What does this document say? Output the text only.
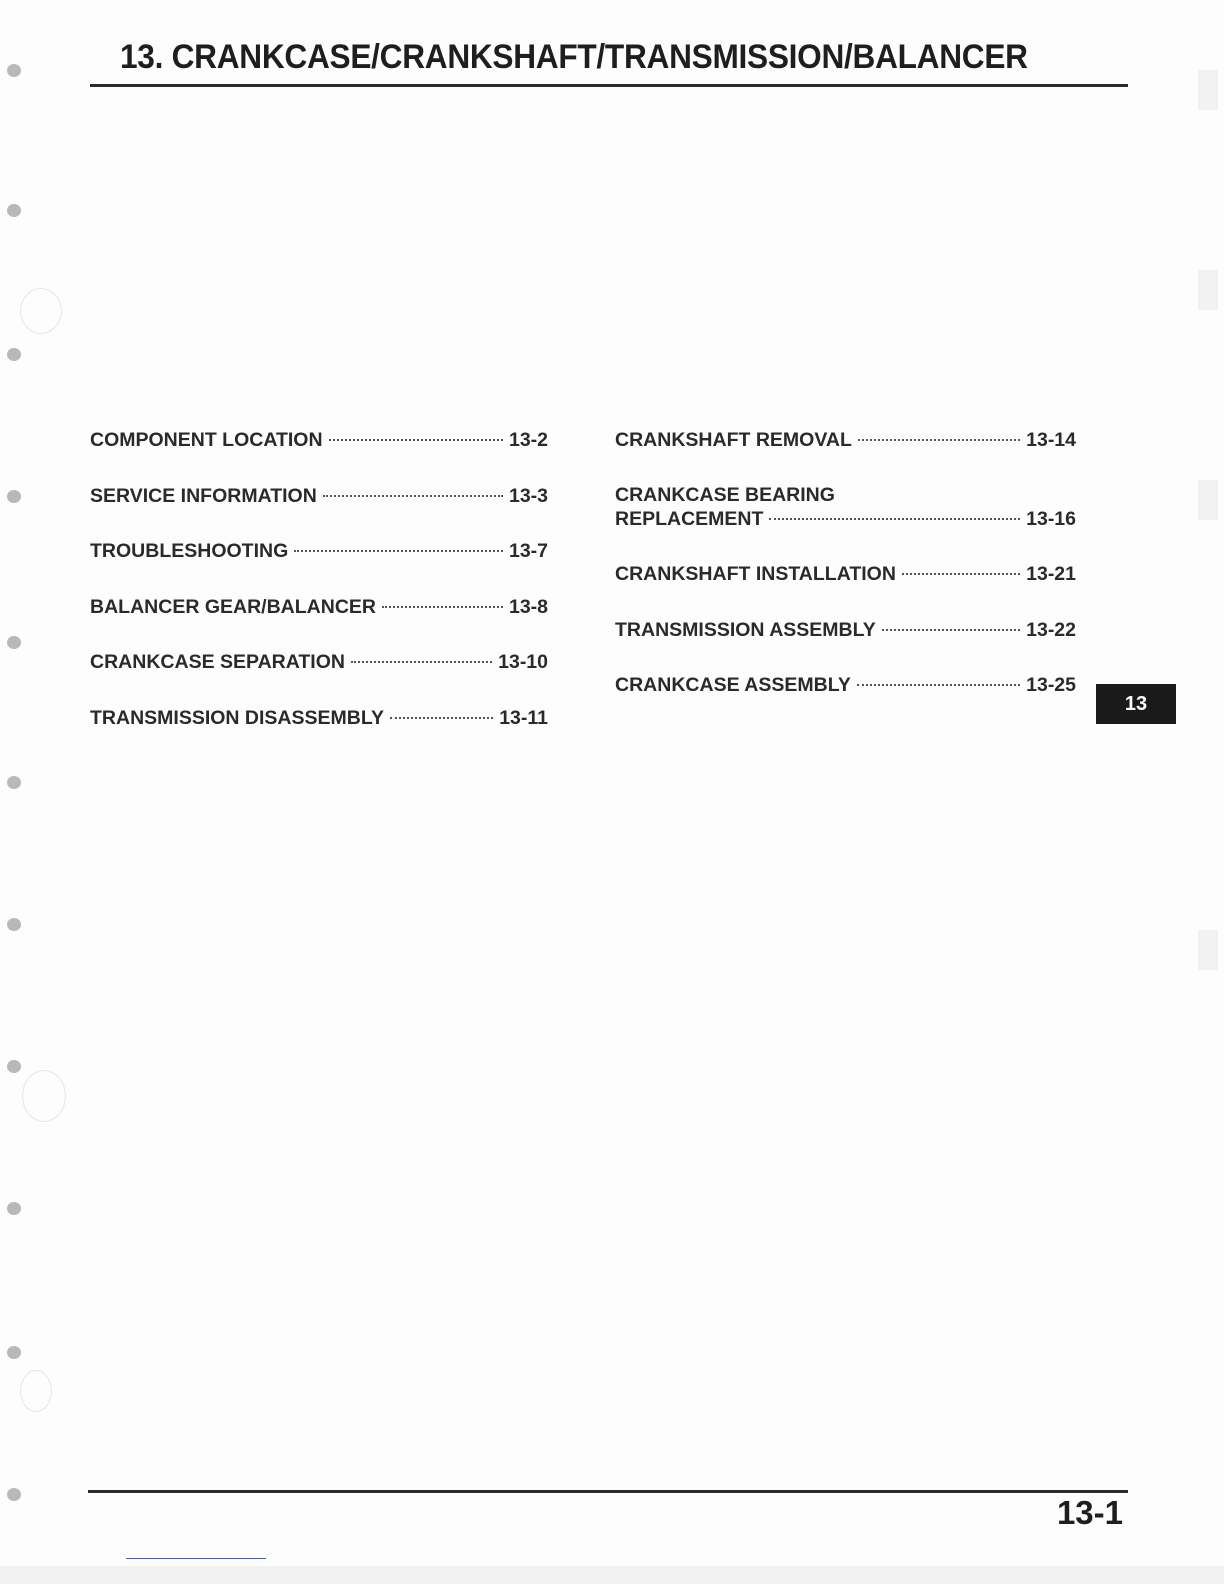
13. CRANKCASE/CRANKSHAFT/TRANSMISSION/BALANCER
COMPONENT LOCATION	13-2
SERVICE INFORMATION	13-3
TROUBLESHOOTING	13-7
BALANCER GEAR/BALANCER	13-8
CRANKCASE SEPARATION	13-10
TRANSMISSION DISASSEMBLY	13-11
CRANKSHAFT REMOVAL	13-14
CRANKCASE BEARING
REPLACEMENT	13-16
CRANKSHAFT INSTALLATION	13-21
TRANSMISSION ASSEMBLY	13-22
CRANKCASE ASSEMBLY	13-25
13
13-1
